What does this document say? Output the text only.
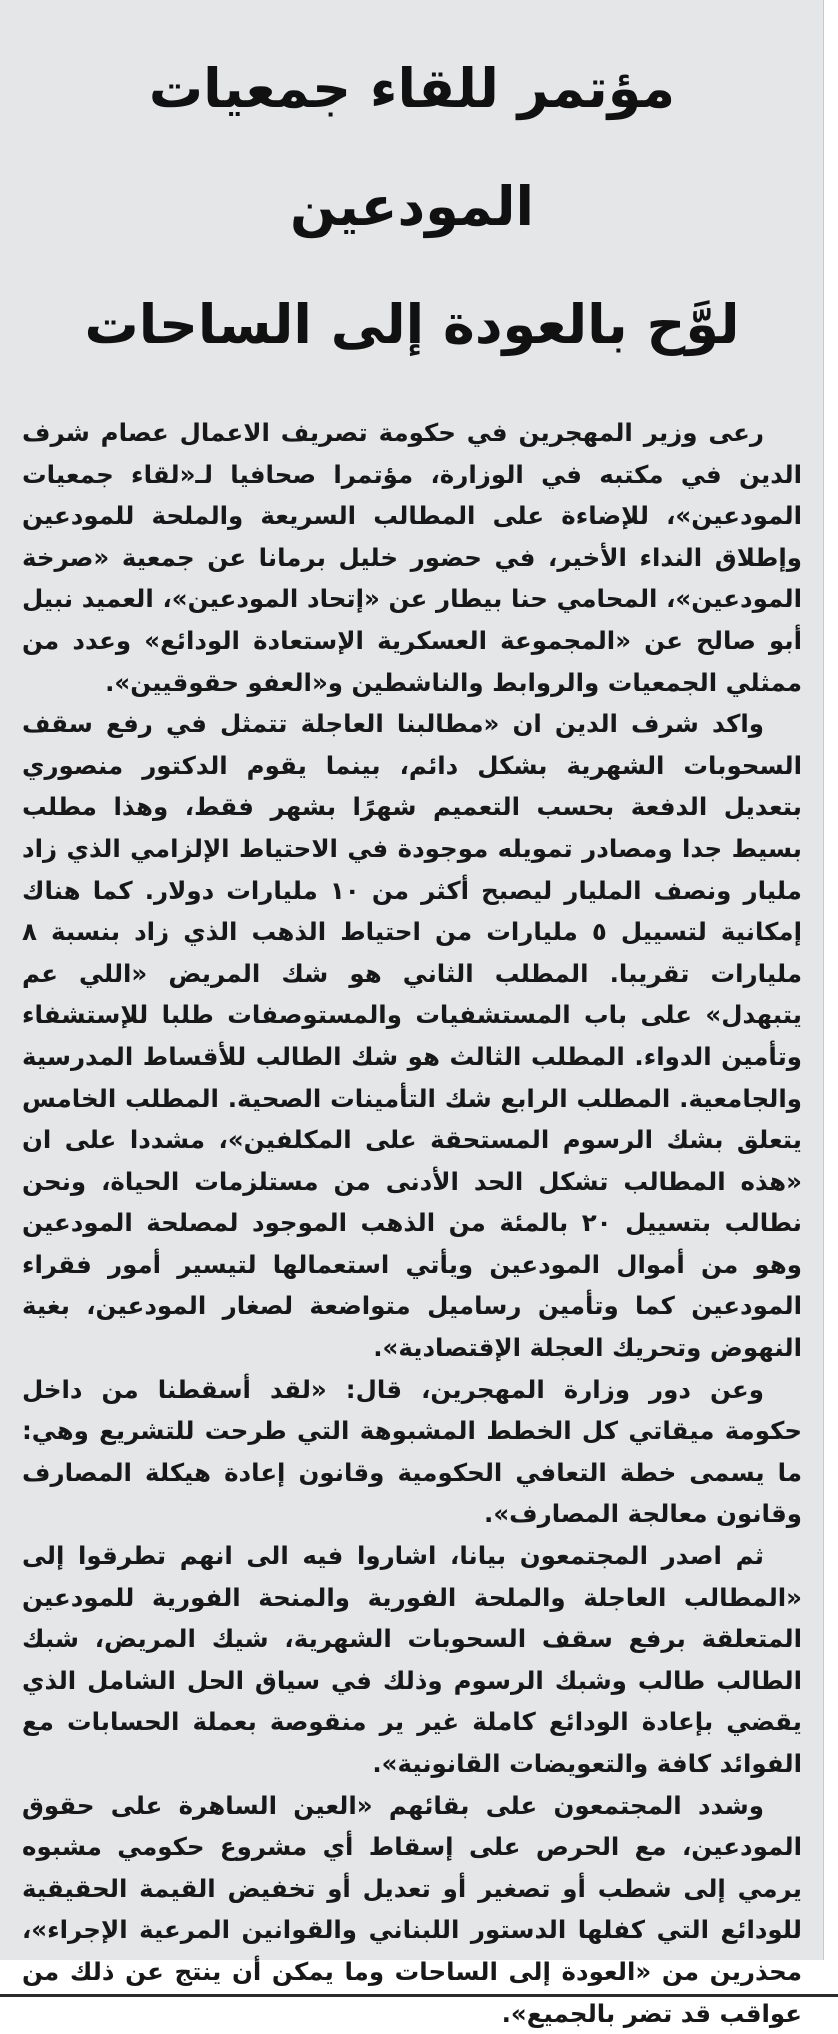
مؤتمر للقاء جمعيات المودعين
لوَّح بالعودة إلى الساحات

رعى وزير المهجرين في حكومة تصريف الاعمال عصام شرف الدين في مكتبه في الوزارة، مؤتمرا صحافيا لـ«لقاء جمعيات المودعين»، للإضاءة على المطالب السريعة والملحة للمودعين وإطلاق النداء الأخير، في حضور خليل برمانا عن جمعية «صرخة المودعين»، المحامي حنا بيطار عن «إتحاد المودعين»، العميد نبيل أبو صالح عن «المجموعة العسكرية الإستعادة الودائع» وعدد من ممثلي الجمعيات والروابط والناشطين و«العفو حقوقيين».

واكد شرف الدين ان «مطالبنا العاجلة تتمثل في رفع سقف السحوبات الشهرية بشكل دائم، بينما يقوم الدكتور منصوري بتعديل الدفعة بحسب التعميم شهرًا بشهر فقط، وهذا مطلب بسيط جدا ومصادر تمويله موجودة في الاحتياط الإلزامي الذي زاد مليار ونصف المليار ليصبح أكثر من ١٠ مليارات دولار. كما هناك إمكانية لتسييل ٥ مليارات من احتياط الذهب الذي زاد بنسبة ٨ مليارات تقريبا. المطلب الثاني هو شك المريض «اللي عم يتبهدل» على باب المستشفيات والمستوصفات طلبا للإستشفاء وتأمين الدواء. المطلب الثالث هو شك الطالب للأقساط المدرسية والجامعية. المطلب الرابع شك التأمينات الصحية. المطلب الخامس يتعلق بشك الرسوم المستحقة على المكلفين»، مشددا على ان «هذه المطالب تشكل الحد الأدنى من مستلزمات الحياة، ونحن نطالب بتسييل ٢٠ بالمئة من الذهب الموجود لمصلحة المودعين وهو من أموال المودعين ويأتي استعمالها لتيسير أمور فقراء المودعين كما وتأمين رساميل متواضعة لصغار المودعين، بغية النهوض وتحريك العجلة الإقتصادية».

وعن دور وزارة المهجرين، قال: «لقد أسقطنا من داخل حكومة ميقاتي كل الخطط المشبوهة التي طرحت للتشريع وهي: ما يسمى خطة التعافي الحكومية وقانون إعادة هيكلة المصارف وقانون معالجة المصارف».

ثم اصدر المجتمعون بيانا، اشاروا فيه الى انهم تطرقوا إلى «المطالب العاجلة والملحة الفورية والمنحة الفورية للمودعين المتعلقة برفع سقف السحوبات الشهرية، شيك المريض، شبك الطالب طالب وشبك الرسوم وذلك في سياق الحل الشامل الذي يقضي بإعادة الودائع كاملة غير ير منقوصة بعملة الحسابات مع الفوائد كافة والتعويضات القانونية».

وشدد المجتمعون على بقائهم «العين الساهرة على حقوق المودعين، مع الحرص على إسقاط أي مشروع حكومي مشبوه يرمي إلى شطب أو تصغير أو تعديل أو تخفيض القيمة الحقيقية للودائع التي كفلها الدستور اللبناني والقوانين المرعية الإجراء»، محذرين من «العودة إلى الساحات وما يمكن أن ينتج عن ذلك من عواقب قد تضر بالجميع».
